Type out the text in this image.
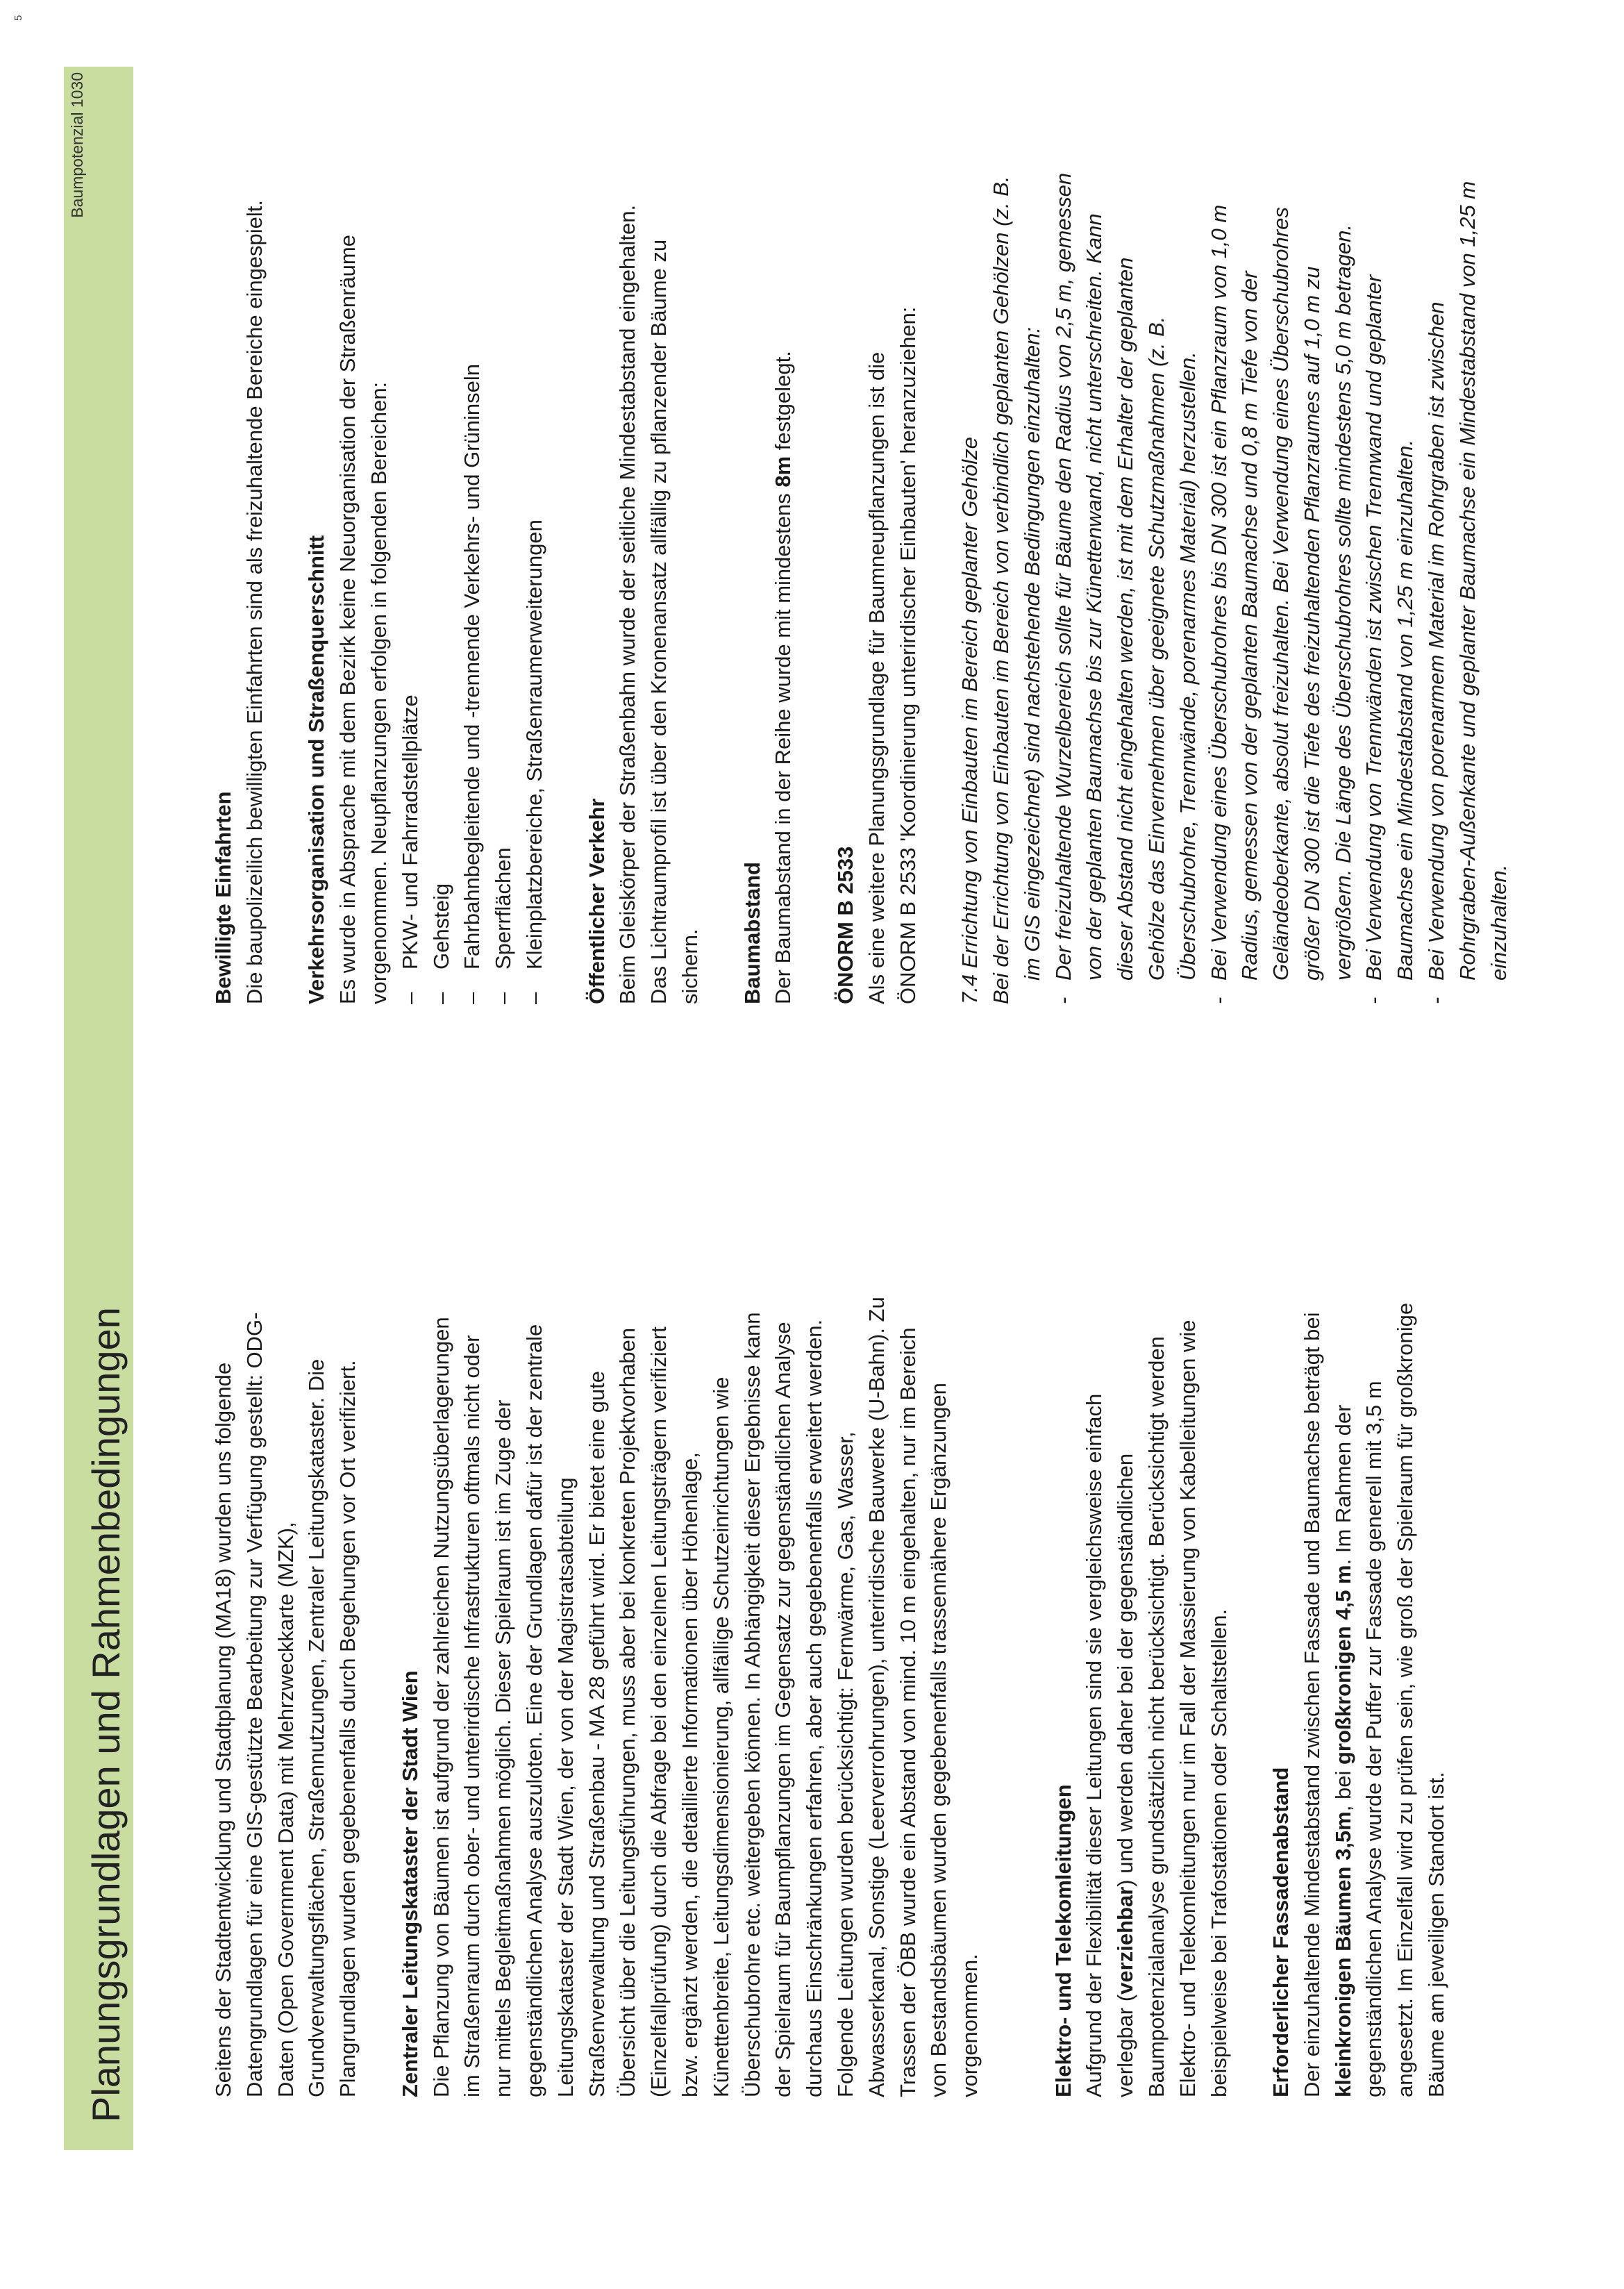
5
Planungsgrundlagen und Rahmenbedingungen
Baumpotenzial 1030

Seitens der Stadtentwicklung und Stadtplanung (MA18) wurden uns folgende Datengrundlagen für eine GIS-gestützte Bearbeitung zur Verfügung gestellt: ODG- Daten (Open Government Data) mit Mehrzweckkarte (MZK), Grundverwaltungsflächen, Straßennutzungen, Zentraler Leitungskataster. Die Plangrundlagen wurden gegebenenfalls durch Begehungen vor Ort verifiziert. Zentraler Leitungskataster der Stadt Wien Die Pflanzung von Bäumen ist aufgrund der zahlreichen Nutzungsüberlagerungen im Straßenraum durch ober- und unterirdische Infrastrukturen oftmals nicht oder nur mittels Begleitmaßnahmen möglich. Dieser Spielraum ist im Zuge der gegenständlichen Analyse auszuloten. Eine der Grundlagen dafür ist der zentrale Leitungskataster der Stadt Wien, der von der Magistratsabteilung Straßenverwaltung und Straßenbau - MA 28 geführt wird. Er bietet eine gute Übersicht über die Leitungsführungen, muss aber bei konkreten Projektvorhaben (Einzelfallprüfung) durch die Abfrage bei den einzelnen Leitungsträgern verifiziert bzw. ergänzt werden, die detaillierte Informationen über Höhenlage, Künettenbreite, Leitungsdimensionierung, allfällige Schutzeinrichtungen wie Überschubrohre etc. weitergeben können. In Abhängigkeit dieser Ergebnisse kann der Spielraum für Baumpflanzungen im Gegensatz zur gegenständlichen Analyse durchaus Einschränkungen erfahren, aber auch gegebenenfalls erweitert werden. Folgende Leitungen wurden berücksichtigt: Fernwärme, Gas, Wasser, Abwasserkanal, Sonstige (Leerverrohrungen), unterirdische Bauwerke (U-Bahn). Zu Trassen der ÖBB wurde ein Abstand von mind. 10 m eingehalten, nur im Bereich von Bestandsbäumen wurden gegebenenfalls trassennähere Ergänzungen vorgenommen.	Elektro- und Telekomleitungen Aufgrund der Flexibilität dieser Leitungen sind sie vergleichsweise einfach verlegbar (verziehbar) und werden daher bei der gegenständlichen Baumpotenzialanalyse grundsätzlich nicht berücksichtigt. Berücksichtigt werden Elektro- und Telekomleitungen nur im Fall der Massierung von Kabelleitungen wie beispielweise bei Trafostationen oder Schaltstellen. Erforderlicher Fassadenabstand Der einzuhaltende Mindestabstand zwischen Fassade und Baumachse beträgt bei kleinkronigen Bäumen 3,5m, bei großkronigen 4,5 m. Im Rahmen der gegenständlichen Analyse wurde der Puffer zur Fassade generell mit 3,5 m angesetzt. Im Einzelfall wird zu prüfen sein, wie groß der Spielraum für großkronige Bäume am jeweiligen Standort ist.

Bewilligte Einfahrten Die baupolizeilich bewilligten Einfahrten sind als freizuhaltende Bereiche eingespielt. Verkehrsorganisation und Straßenquerschnitt Es wurde in Absprache mit dem Bezirk keine Neuorganisation der Straßenräume vorgenommen. Neupflanzungen erfolgen in folgenden Bereichen: – PKW- und Fahrradstellplätze – Gehsteig – Fahrbahnbegleitende und -trennende Verkehrs- und Grüninseln – Sperrflächen – Kleinplatzbereiche, Straßenraumerweiterungen Öffentlicher Verkehr Beim Gleiskörper der Straßenbahn wurde der seitliche Mindestabstand eingehalten. Das Lichtraumprofil ist über den Kronenansatz allfällig zu pflanzender Bäume zu sichern. Baumabstand Der Baumabstand in der Reihe wurde mit mindestens 8m festgelegt.

ÖNORM B 2533 Als eine weitere Planungsgrundlage für Baumneupflanzungen ist die ÖNORM B 2533 'Koordinierung unterirdischer Einbauten' heranzuziehen: 7.4 Errichtung von Einbauten im Bereich geplanter Gehölze Bei der Errichtung von Einbauten im Bereich von verbindlich geplanten Gehölzen (z. B. im GIS eingezeichnet) sind nachstehende Bedingungen einzuhalten: - Der freizuhaltende Wurzelbereich sollte für Bäume den Radius von 2,5 m, gemessen von der geplanten Baumachse bis zur Künettenwand, nicht unterschreiten. Kann dieser Abstand nicht eingehalten werden, ist mit dem Erhalter der geplanten Gehölze das Einvernehmen über geeignete Schutzmaßnahmen (z. B. Überschubrohre, Trennwände, porenarmes Material) herzustellen. - Bei Verwendung eines Überschubrohres bis DN 300 ist ein Pflanzraum von 1,0 m Radius, gemessen von der geplanten Baumachse und 0,8 m Tiefe von der Geländeoberkante, absolut freizuhalten. Bei Verwendung eines Überschubrohres größer DN 300 ist die Tiefe des freizuhaltenden Pflanzraumes auf 1,0 m zu vergrößern. Die Länge des Überschubrohres sollte mindestens 5,0 m betragen. - Bei Verwendung von Trennwänden ist zwischen Trennwand und geplanter Baumachse ein Mindestabstand von 1,25 m einzuhalten. - Bei Verwendung von porenarmem Material im Rohrgraben ist zwischen Rohrgraben-Außenkante und geplanter Baumachse ein Mindestabstand von 1,25 m einzuhalten.
